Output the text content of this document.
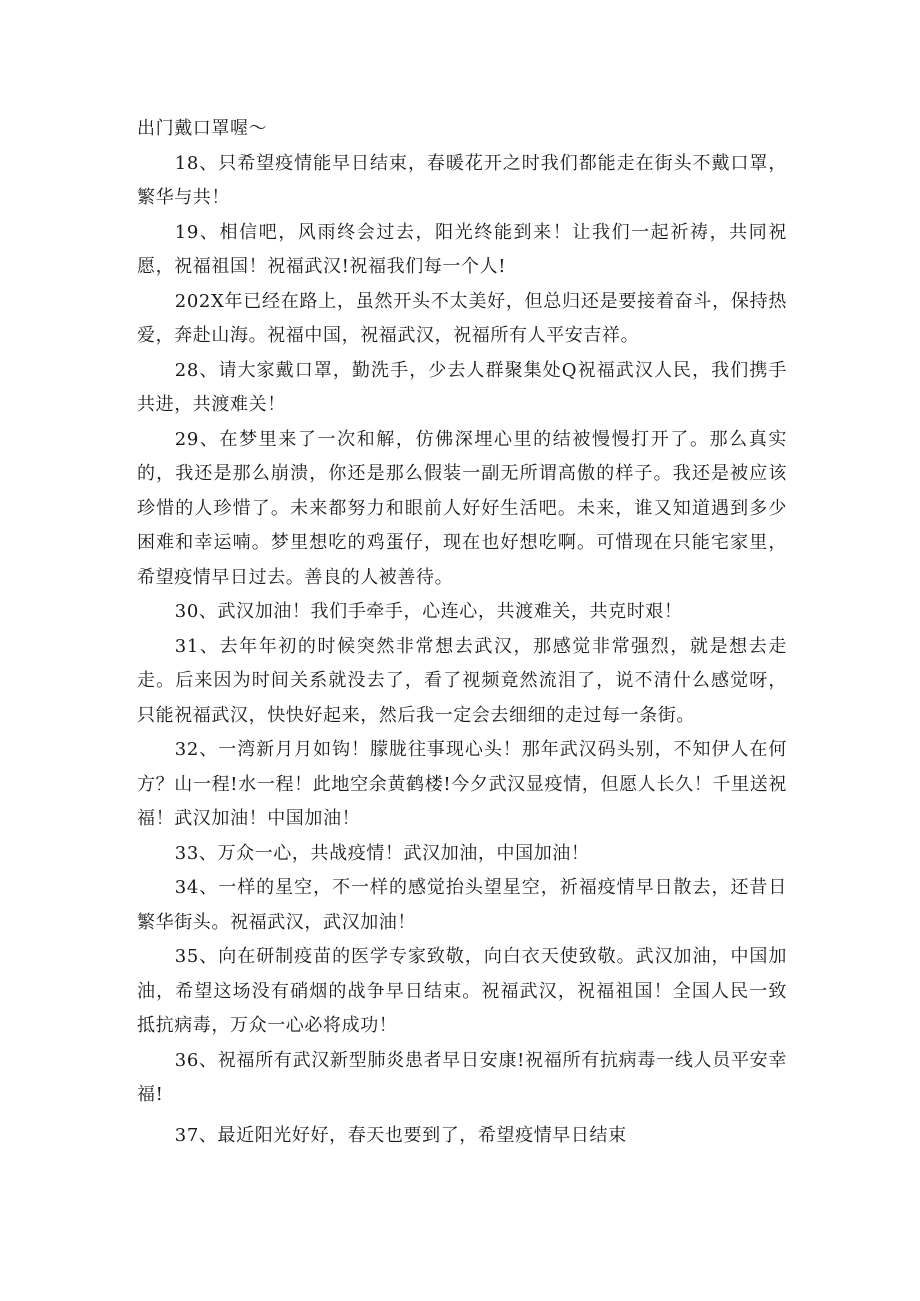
出门戴口罩喔～

18、只希望疫情能早日结束，春暖花开之时我们都能走在街头不戴口罩，繁华与共！

19、相信吧，风雨终会过去，阳光终能到来！让我们一起祈祷，共同祝愿，祝福祖国！祝福武汉!祝福我们每一个人!

202X年已经在路上，虽然开头不太美好，但总归还是要接着奋斗，保持热爱，奔赴山海。祝福中国，祝福武汉，祝福所有人平安吉祥。

28、请大家戴口罩，勤洗手，少去人群聚集处Q祝福武汉人民，我们携手共进，共渡难关！

29、在梦里来了一次和解，仿佛深埋心里的结被慢慢打开了。那么真实的，我还是那么崩溃，你还是那么假装一副无所谓高傲的样子。我还是被应该珍惜的人珍惜了。未来都努力和眼前人好好生活吧。未来，谁又知道遇到多少困难和幸运喃。梦里想吃的鸡蛋仔，现在也好想吃啊。可惜现在只能宅家里，希望疫情早日过去。善良的人被善待。

30、武汉加油！我们手牵手，心连心，共渡难关，共克时艰！

31、去年年初的时候突然非常想去武汉，那感觉非常强烈，就是想去走走。后来因为时间关系就没去了，看了视频竟然流泪了，说不清什么感觉呀，只能祝福武汉，快快好起来，然后我一定会去细细的走过每一条街。

32、一湾新月月如钩！朦胧往事现心头！那年武汉码头别，不知伊人在何方？山一程!水一程！此地空余黄鹤楼!今夕武汉显疫情，但愿人长久！千里送祝福！武汉加油！中国加油！

33、万众一心，共战疫情！武汉加油，中国加油！

34、一样的星空，不一样的感觉抬头望星空，祈福疫情早日散去，还昔日繁华街头。祝福武汉，武汉加油！

35、向在研制疫苗的医学专家致敬，向白衣天使致敬。武汉加油，中国加油，希望这场没有硝烟的战争早日结束。祝福武汉，祝福祖国！全国人民一致抵抗病毒，万众一心必将成功！

36、祝福所有武汉新型肺炎患者早日安康!祝福所有抗病毒一线人员平安幸福!

37、最近阳光好好，春天也要到了，希望疫情早日结束
